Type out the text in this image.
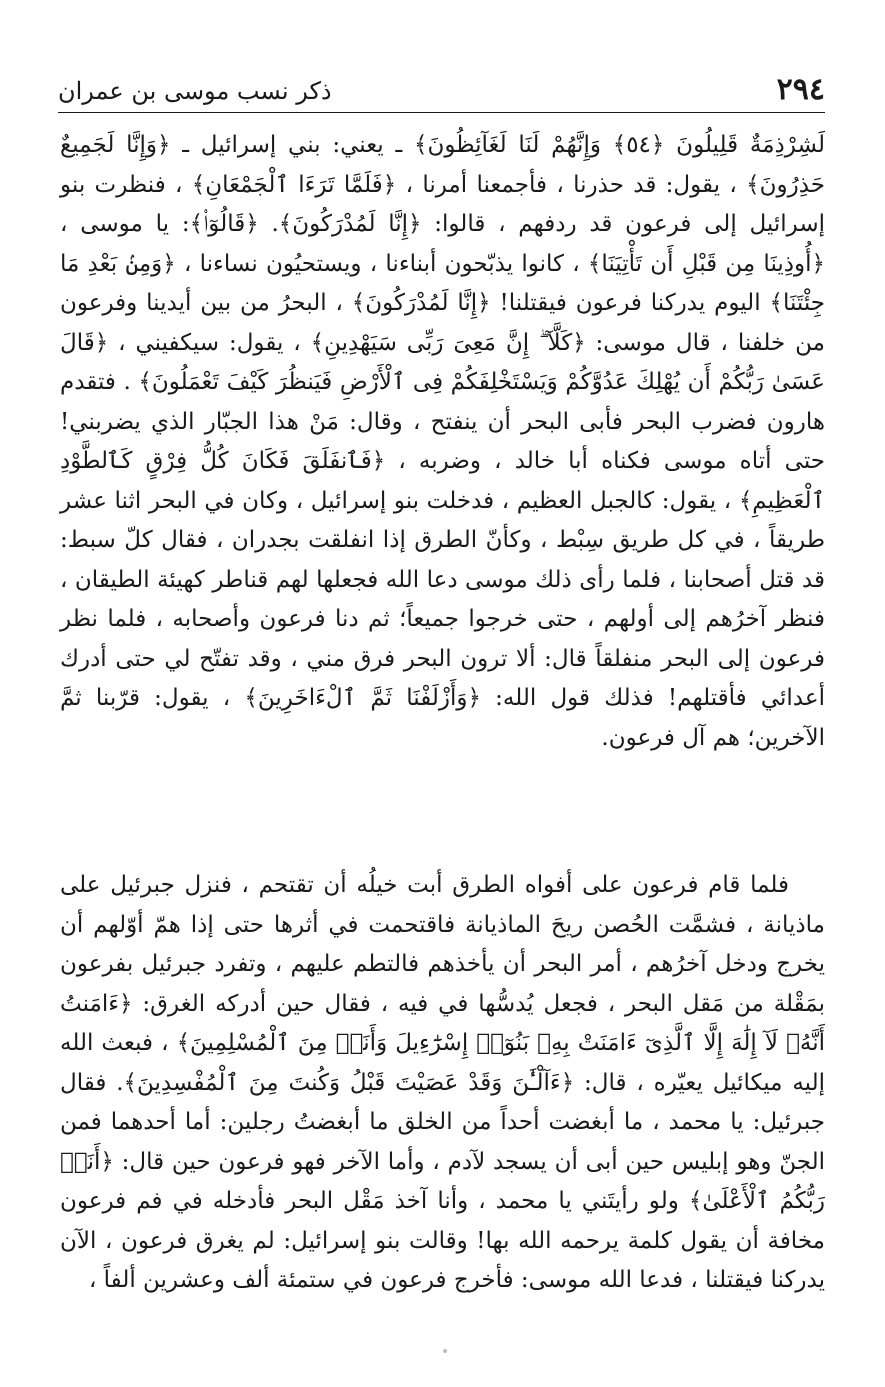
٢٩٤
ذكر نسب موسى بن عمران

لَشِرْذِمَةٌ قَلِيلُونَ ﴿٥٤﴾ وَإِنَّهُمْ لَنَا لَغَآئِظُونَ﴾ ـ يعني: بني إسرائيل ـ ﴿وَإِنَّا لَجَمِيعٌ حَذِرُونَ﴾ ، يقول: قد حذرنا ، فأجمعنا أمرنا ، ﴿فَلَمَّا تَرَءَا ٱلْجَمْعَانِ﴾ ، فنظرت بنو إسرائيل إلى فرعون قد ردفهم ، قالوا: ﴿إِنَّا لَمُدْرَكُونَ﴾. ﴿قَالُوٓا۟﴾: يا موسى ، ﴿أُوذِينَا مِن قَبْلِ أَن تَأْتِيَنَا﴾ ، كانوا يذبّحون أبناءنا ، ويستحيُون نساءنا ، ﴿وَمِنۢ بَعْدِ مَا جِئْتَنَا﴾ اليوم يدركنا فرعون فيقتلنا! ﴿إِنَّا لَمُدْرَكُونَ﴾ ، البحرُ من بين أيدينا وفرعون من خلفنا ، قال موسى: ﴿كَلَّآ ۖ إِنَّ مَعِىَ رَبِّى سَيَهْدِينِ﴾ ، يقول: سيكفيني ، ﴿قَالَ عَسَىٰ رَبُّكُمْ أَن يُهْلِكَ عَدُوَّكُمْ وَيَسْتَخْلِفَكُمْ فِى ٱلْأَرْضِ فَيَنظُرَ كَيْفَ تَعْمَلُونَ﴾ . فتقدم هارون فضرب البحر فأبى البحر أن ينفتح ، وقال: مَنْ هذا الجبّار الذي يضربني! حتى أتاه موسى فكناه أبا خالد ، وضربه ، ﴿فَٱنفَلَقَ فَكَانَ كُلُّ فِرْقٍ كَٱلطَّوْدِ ٱلْعَظِيمِ﴾ ، يقول: كالجبل العظيم ، فدخلت بنو إسرائيل ، وكان في البحر اثنا عشر طريقاً ، في كل طريق سِبْط ، وكأنّ الطرق إذا انفلقت بجدران ، فقال كلّ سبط: قد قتل أصحابنا ، فلما رأى ذلك موسى دعا الله فجعلها لهم قناطر كهيئة الطيقان ، فنظر آخرُهم إلى أولهم ، حتى خرجوا جميعاً؛ ثم دنا فرعون وأصحابه ، فلما نظر فرعون إلى البحر منفلقاً قال: ألا ترون البحر فرق مني ، وقد تفتّح لي حتى أدرك أعدائي فأقتلهم! فذلك قول الله: ﴿وَأَزْلَفْنَا ثَمَّ ٱلْءَاخَرِينَ﴾ ، يقول: قرّبنا ثمَّ الآخرين؛ هم آل فرعون.

فلما قام فرعون على أفواه الطرق أبت خيلُه أن تقتحم ، فنزل جبرئيل على ماذيانة ، فشمَّت الحُصن ريحَ الماذيانة فاقتحمت في أثرها حتى إذا همّ أوّلهم أن يخرج ودخل آخرُهم ، أمر البحر أن يأخذهم فالتطم عليهم ، وتفرد جبرئيل بفرعون بمَقْلة من مَقل البحر ، فجعل يُدسُّها في فيه ، فقال حين أدركه الغرق: ﴿ءَامَنتُ أَنَّهُۥ لَآ إِلَٰهَ إِلَّا ٱلَّذِىٓ ءَامَنَتْ بِهِۦ بَنُوٓا۟ إِسْرَٰٓءِيلَ وَأَنَا۠ مِنَ ٱلْمُسْلِمِينَ﴾ ، فبعث الله إليه ميكائيل يعيّره ، قال: ﴿ءَآلْـَٰٔنَ وَقَدْ عَصَيْتَ قَبْلُ وَكُنتَ مِنَ ٱلْمُفْسِدِينَ﴾. فقال جبرئيل: يا محمد ، ما أبغضت أحداً من الخلق ما أبغضتُ رجلين: أما أحدهما فمن الجنّ وهو إبليس حين أبى أن يسجد لآدم ، وأما الآخر فهو فرعون حين قال: ﴿أَنَا۠ رَبُّكُمُ ٱلْأَعْلَىٰ﴾ ولو رأيتَني يا محمد ، وأنا آخذ مَقْل البحر فأدخله في فم فرعون مخافة أن يقول كلمة يرحمه الله بها! وقالت بنو إسرائيل: لم يغرق فرعون ، الآن يدركنا فيقتلنا ، فدعا الله موسى: فأخرج فرعون في ستمئة ألف وعشرين ألفاً ،
